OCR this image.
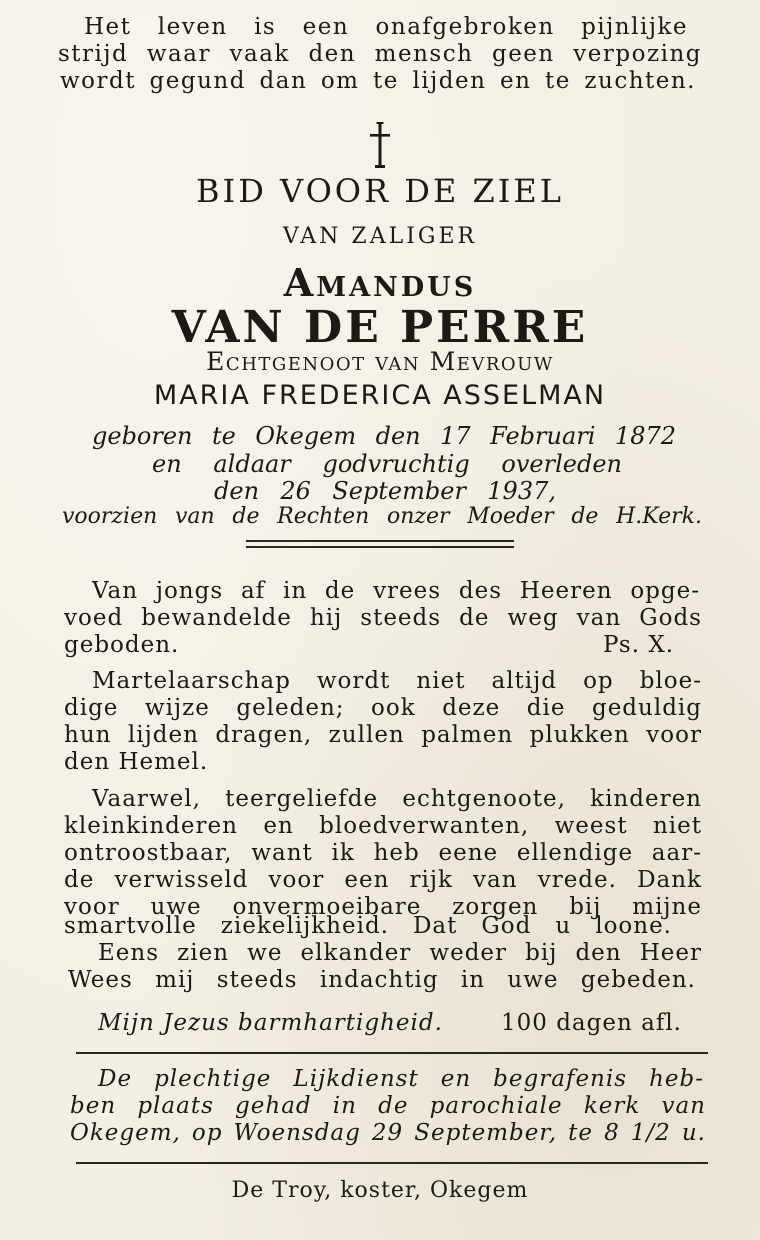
Het leven is een onafgebroken pijnlijke
strijd waar vaak den mensch geen verpozing
wordt gegund dan om te lijden en te zuchten.
BID VOOR DE ZIEL
VAN ZALIGER
Amandus
VAN DE PERRE
Echtgenoot van Mevrouw
MARIA FREDERICA ASSELMAN
geboren te Okegem den 17 Februari 1872
en aldaar godvruchtig overleden
den 26 September 1937,
voorzien van de Rechten onzer Moeder de H.Kerk.
Van jongs af in de vrees des Heeren opge-
voed bewandelde hij steeds de weg van Gods
geboden.	Ps. X.
Martelaarschap wordt niet altijd op bloe-
dige wijze geleden; ook deze die geduldig
hun lijden dragen, zullen palmen plukken voor
den Hemel.
Vaarwel, teergeliefde echtgenoote, kinderen
kleinkinderen en bloedverwanten, weest niet
ontroostbaar, want ik heb eene ellendige aar-
de verwisseld voor een rijk van vrede. Dank
voor uwe onvermoeibare zorgen bij mijne
smartvolle ziekelijkheid. Dat God u loone.
Eens zien we elkander weder bij den Heer
Wees mij steeds indachtig in uwe gebeden.
Mijn Jezus barmhartigheid.	100 dagen afl.
De plechtige Lijkdienst en begrafenis heb-
ben plaats gehad in de parochiale kerk van
Okegem, op Woensdag 29 September, te 8 1/2 u.
De Troy, koster, Okegem
